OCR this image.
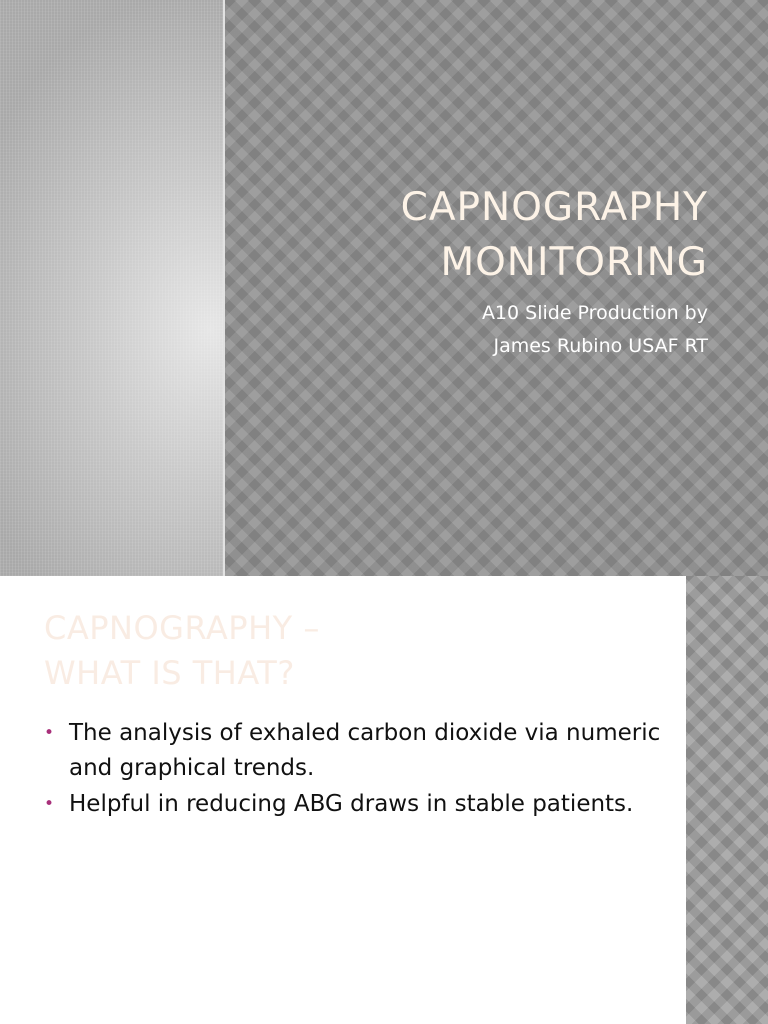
CAPNOGRAPHY
MONITORING
A10 Slide Production by
James Rubino USAF RT
CAPNOGRAPHY –
WHAT IS THAT?
• The analysis of exhaled carbon dioxide via numeric and graphical trends.
• Helpful in reducing ABG draws in stable patients.
